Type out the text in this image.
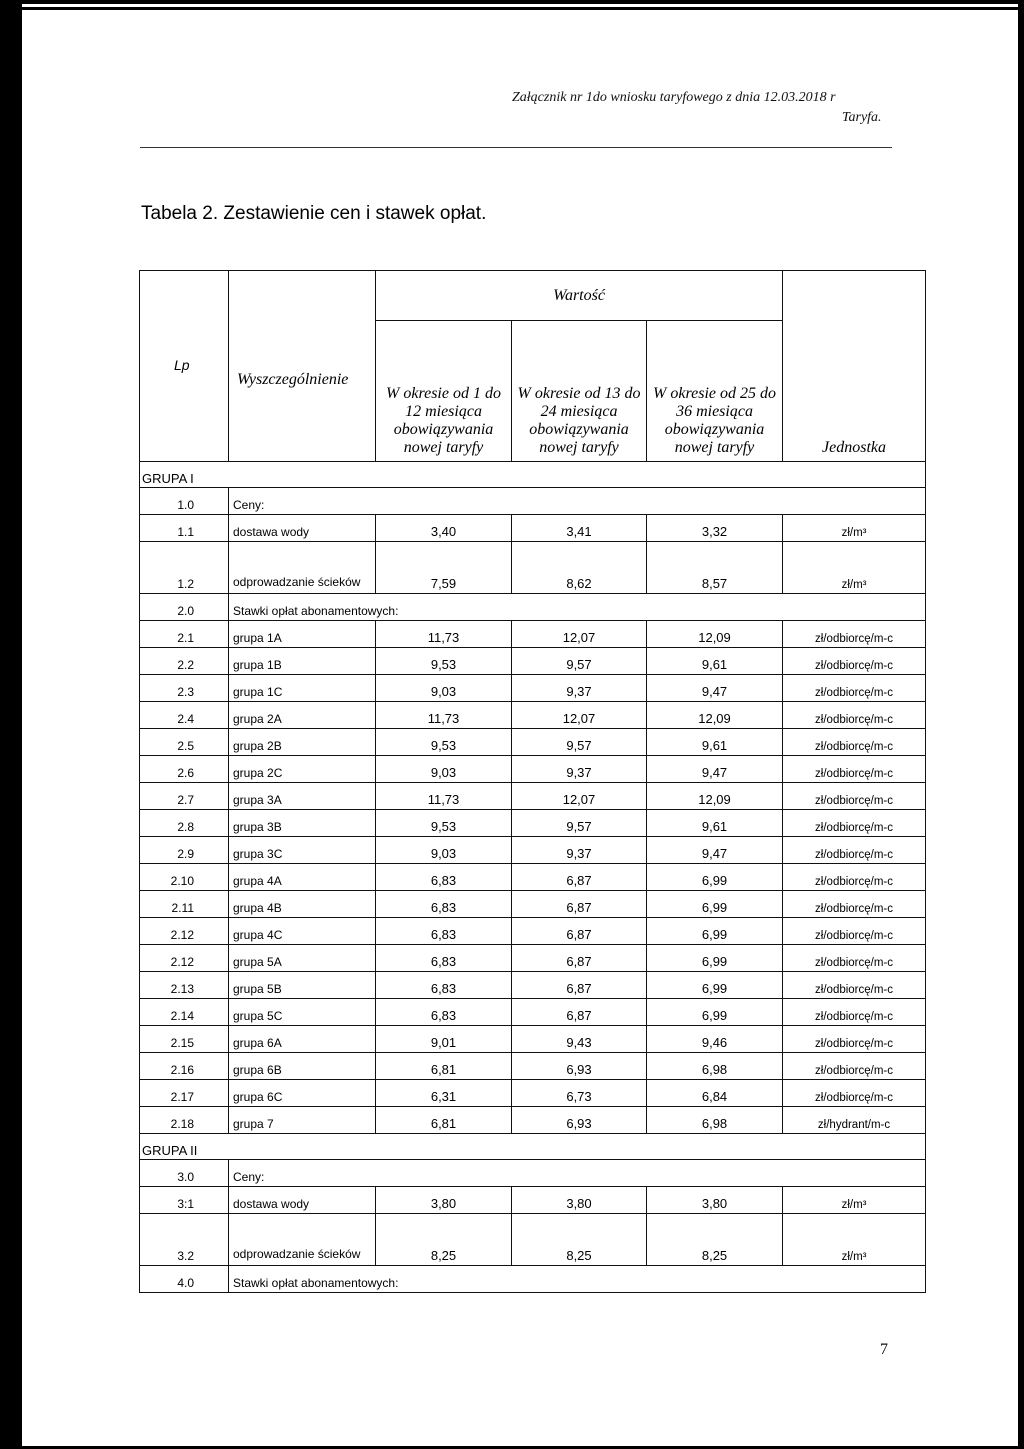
Załącznik nr 1do wniosku taryfowego z dnia 12.03.2018 r
Taryfa.
Tabela 2. Zestawienie cen i stawek opłat.
Lp	Wyszczególnienie	Wartość			Jednostka
		W okresie od 1 do 12 miesiąca obowiązywania nowej taryfy	W okresie od 13 do 24 miesiąca obowiązywania nowej taryfy	W okresie od 25 do 36 miesiąca obowiązywania nowej taryfy	
GRUPA I					
1.0	Ceny:				
1.1	dostawa wody	3,40	3,41	3,32	zł/m³
1.2	odprowadzanie ścieków	7,59	8,62	8,57	zł/m³
2.0	Stawki opłat abonamentowych:				
2.1	grupa 1A	11,73	12,07	12,09	zł/odbiorcę/m-c
2.2	grupa 1B	9,53	9,57	9,61	zł/odbiorcę/m-c
2.3	grupa 1C	9,03	9,37	9,47	zł/odbiorcę/m-c
2.4	grupa 2A	11,73	12,07	12,09	zł/odbiorcę/m-c
2.5	grupa 2B	9,53	9,57	9,61	zł/odbiorcę/m-c
2.6	grupa 2C	9,03	9,37	9,47	zł/odbiorcę/m-c
2.7	grupa 3A	11,73	12,07	12,09	zł/odbiorcę/m-c
2.8	grupa 3B	9,53	9,57	9,61	zł/odbiorcę/m-c
2.9	grupa 3C	9,03	9,37	9,47	zł/odbiorcę/m-c
2.10	grupa 4A	6,83	6,87	6,99	zł/odbiorcę/m-c
2.11	grupa 4B	6,83	6,87	6,99	zł/odbiorcę/m-c
2.12	grupa 4C	6,83	6,87	6,99	zł/odbiorcę/m-c
2.12	grupa 5A	6,83	6,87	6,99	zł/odbiorcę/m-c
2.13	grupa 5B	6,83	6,87	6,99	zł/odbiorcę/m-c
2.14	grupa 5C	6,83	6,87	6,99	zł/odbiorcę/m-c
2.15	grupa 6A	9,01	9,43	9,46	zł/odbiorcę/m-c
2.16	grupa 6B	6,81	6,93	6,98	zł/odbiorcę/m-c
2.17	grupa 6C	6,31	6,73	6,84	zł/odbiorcę/m-c
2.18	grupa 7	6,81	6,93	6,98	zł/hydrant/m-c
GRUPA II					
3.0	Ceny:				
3:1	dostawa wody	3,80	3,80	3,80	zł/m³
3.2	odprowadzanie ścieków	8,25	8,25	8,25	zł/m³
4.0	Stawki opłat abonamentowych:				
7
